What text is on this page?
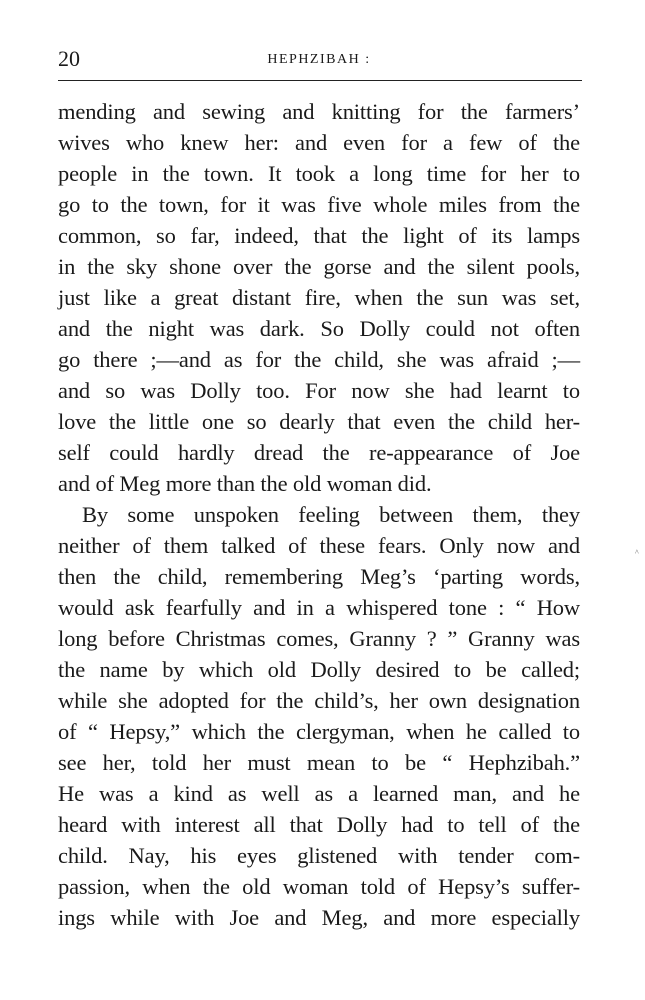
20	HEPHZIBAH :
mending and sewing and knitting for the farmers’
wives who knew her: and even for a few of the
people in the town. It took a long time for her to
go to the town, for it was five whole miles from the
common, so far, indeed, that the light of its lamps
in the sky shone over the gorse and the silent pools,
just like a great distant fire, when the sun was set,
and the night was dark. So Dolly could not often
go there ;—and as for the child, she was afraid ;—
and so was Dolly too. For now she had learnt to
love the little one so dearly that even the child her-
self could hardly dread the re-appearance of Joe
and of Meg more than the old woman did.
By some unspoken feeling between them, they
neither of them talked of these fears. Only now and
then the child, remembering Meg’s ‘parting words,
would ask fearfully and in a whispered tone : “ How
long before Christmas comes, Granny ? ” Granny was
the name by which old Dolly desired to be called;
while she adopted for the child’s, her own designation
of “ Hepsy,” which the clergyman, when he called to
see her, told her must mean to be “ Hephzibah.”
He was a kind as well as a learned man, and he
heard with interest all that Dolly had to tell of the
child. Nay, his eyes glistened with tender com-
passion, when the old woman told of Hepsy’s suffer-
ings while with Joe and Meg, and more especially
^
